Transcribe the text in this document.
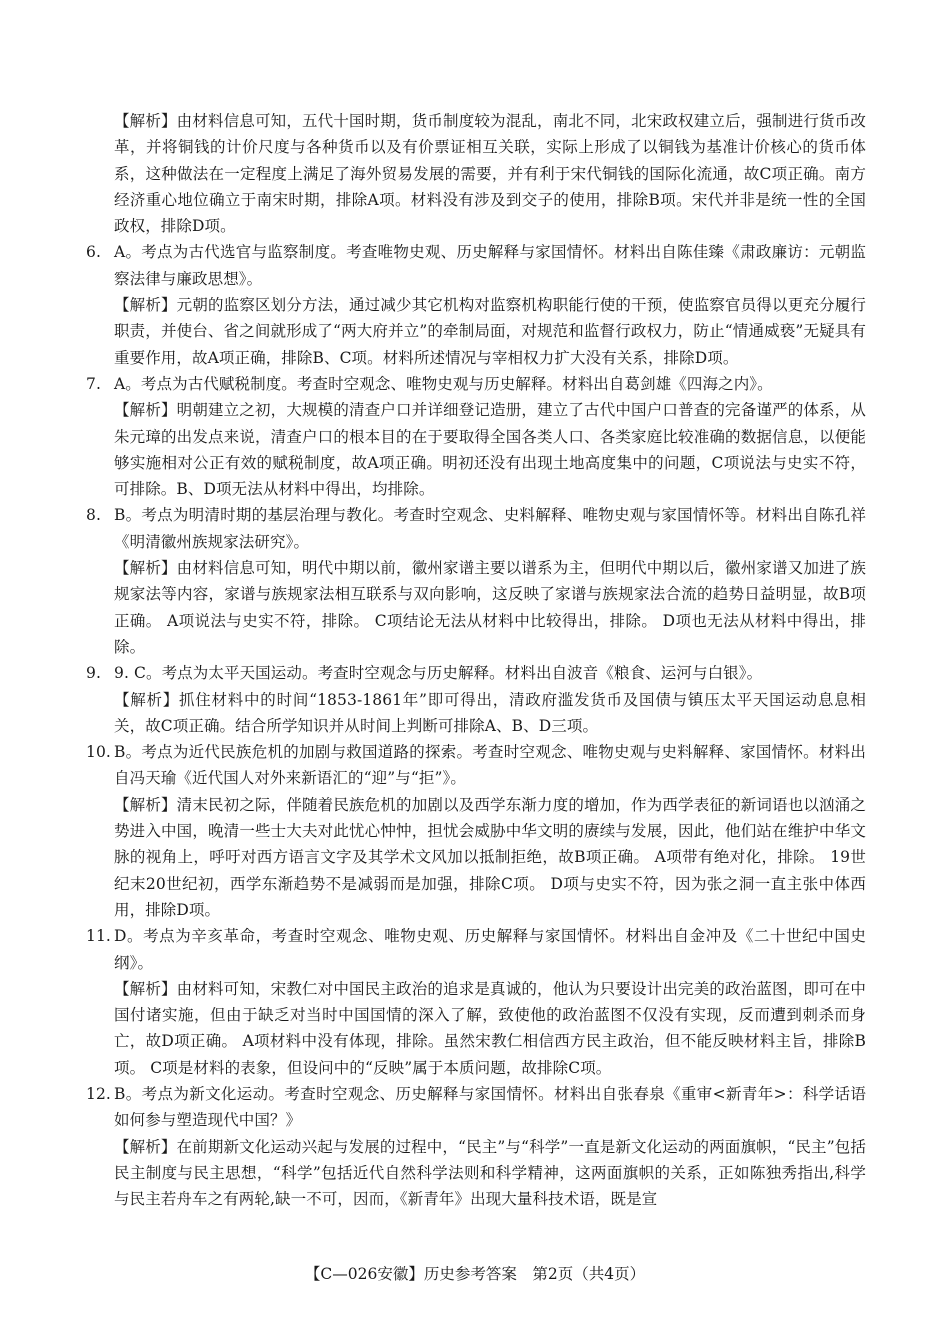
【解析】由材料信息可知，五代十国时期，货币制度较为混乱，南北不同，北宋政权建立后，强制进行货币改革，并将铜钱的计价尺度与各种货币以及有价票证相互关联，实际上形成了以铜钱为基准计价核心的货币体系，这种做法在一定程度上满足了海外贸易发展的需要，并有利于宋代铜钱的国际化流通，故C项正确。南方经济重心地位确立于南宋时期，排除A项。材料没有涉及到交子的使用，排除B项。宋代并非是统一性的全国政权，排除D项。
6. A。考点为古代选官与监察制度。考查唯物史观、历史解释与家国情怀。材料出自陈佳臻《肃政廉访：元朝监察法律与廉政思想》。
【解析】元朝的监察区划分方法，通过减少其它机构对监察机构职能行使的干预，使监察官员得以更充分履行职责，并使台、省之间就形成了“两大府并立”的牵制局面，对规范和监督行政权力，防止“情通威亵”无疑具有重要作用，故A项正确，排除B、C项。材料所述情况与宰相权力扩大没有关系，排除D项。
7. A。考点为古代赋税制度。考查时空观念、唯物史观与历史解释。材料出自葛剑雄《四海之内》。
【解析】明朝建立之初，大规模的清查户口并详细登记造册，建立了古代中国户口普查的完备谨严的体系，从朱元璋的出发点来说，清查户口的根本目的在于要取得全国各类人口、各类家庭比较准确的数据信息，以便能够实施相对公正有效的赋税制度，故A项正确。明初还没有出现土地高度集中的问题，C项说法与史实不符，可排除。B、D项无法从材料中得出，均排除。
8. B。考点为明清时期的基层治理与教化。考查时空观念、史料解释、唯物史观与家国情怀等。材料出自陈孔祥《明清徽州族规家法研究》。
【解析】由材料信息可知，明代中期以前，徽州家谱主要以谱系为主，但明代中期以后，徽州家谱又加进了族规家法等内容，家谱与族规家法相互联系与双向影响，这反映了家谱与族规家法合流的趋势日益明显，故B项正确。 A项说法与史实不符，排除。 C项结论无法从材料中比较得出，排除。 D项也无法从材料中得出，排除。
9. 9. C。考点为太平天国运动。考查时空观念与历史解释。材料出自波音《粮食、运河与白银》。
【解析】抓住材料中的时间“1853-1861年”即可得出，清政府滥发货币及国债与镇压太平天国运动息息相关，故C项正确。结合所学知识并从时间上判断可排除A、B、D三项。
10. B。考点为近代民族危机的加剧与救国道路的探索。考查时空观念、唯物史观与史料解释、家国情怀。材料出自冯天瑜《近代国人对外来新语汇的“迎”与“拒”》。
【解析】清末民初之际，伴随着民族危机的加剧以及西学东渐力度的增加，作为西学表征的新词语也以汹涌之势进入中国，晚清一些士大夫对此忧心忡忡，担忧会威胁中华文明的赓续与发展，因此，他们站在维护中华文脉的视角上，呼吁对西方语言文字及其学术文风加以抵制拒绝，故B项正确。 A项带有绝对化，排除。 19世纪末20世纪初，西学东渐趋势不是减弱而是加强，排除C项。 D项与史实不符，因为张之洞一直主张中体西用，排除D项。
11. D。考点为辛亥革命，考查时空观念、唯物史观、历史解释与家国情怀。材料出自金冲及《二十世纪中国史纲》。
【解析】由材料可知，宋教仁对中国民主政治的追求是真诚的，他认为只要设计出完美的政治蓝图，即可在中国付诸实施，但由于缺乏对当时中国国情的深入了解，致使他的政治蓝图不仅没有实现，反而遭到刺杀而身亡，故D项正确。 A项材料中没有体现，排除。虽然宋教仁相信西方民主政治，但不能反映材料主旨，排除B项。 C项是材料的表象，但设问中的“反映”属于本质问题，故排除C项。
12. B。考点为新文化运动。考查时空观念、历史解释与家国情怀。材料出自张春泉《重审<新青年>：科学话语如何参与塑造现代中国？》
【解析】在前期新文化运动兴起与发展的过程中，“民主”与“科学”一直是新文化运动的两面旗帜，“民主”包括民主制度与民主思想，“科学”包括近代自然科学法则和科学精神，这两面旗帜的关系，正如陈独秀指出,科学与民主若舟车之有两轮,缺一不可，因而，《新青年》出现大量科技术语，既是宣
【C—026安徽】历史参考答案　第2页（共4页）
